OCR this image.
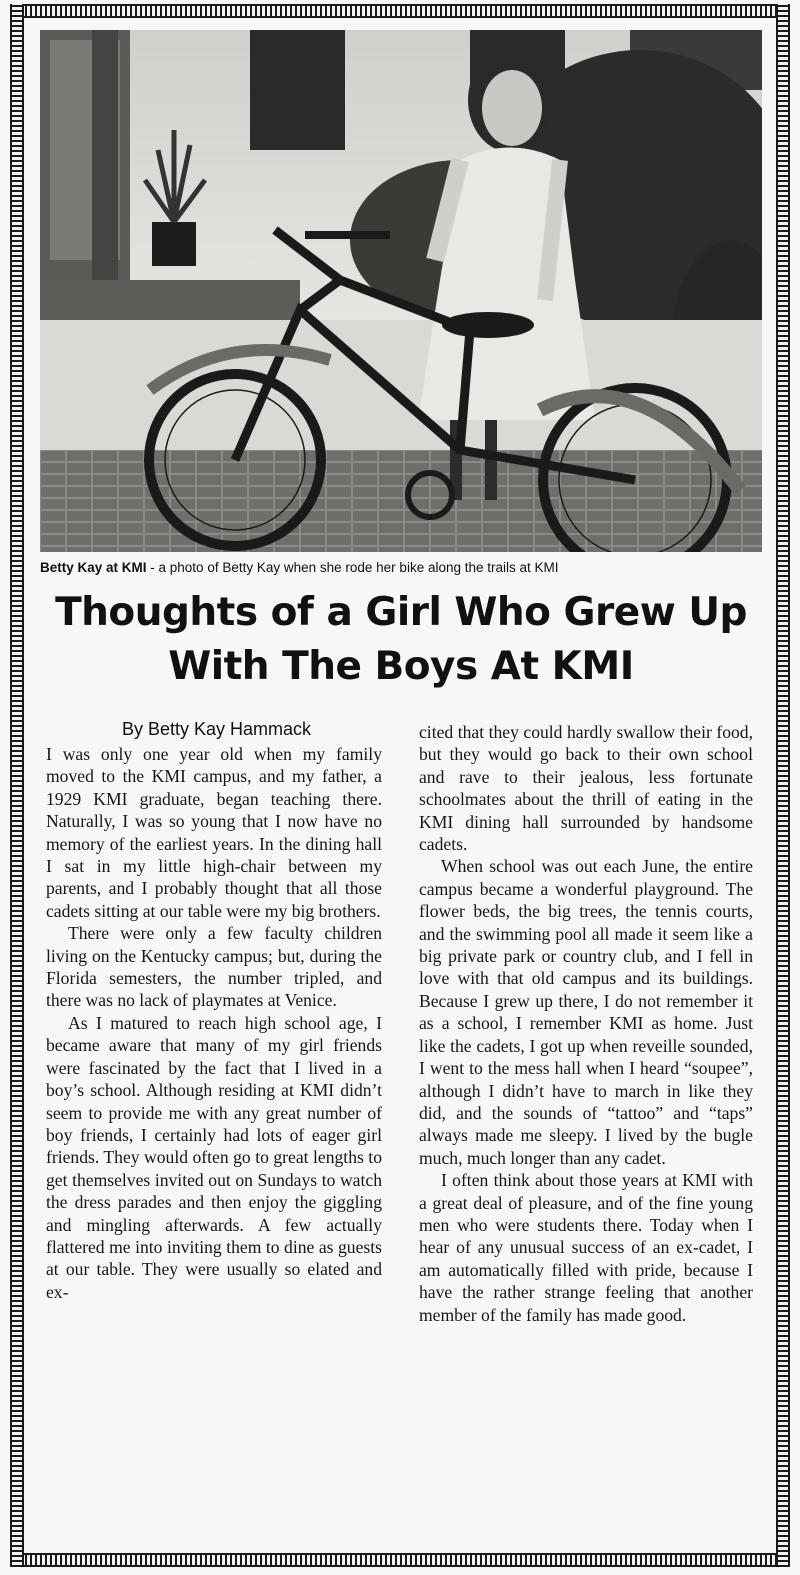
Betty Kay at KMI - a photo of Betty Kay when she rode her bike along the trails at KMI
Thoughts of a Girl Who Grew Up
With The Boys At KMI
By Betty Kay Hammack

I was only one year old when my family moved to the KMI campus, and my father, a 1929 KMI graduate, began teaching there. Naturally, I was so young that I now have no memory of the earliest years. In the dining hall I sat in my little high-chair between my parents, and I probably thought that all those cadets sitting at our table were my big brothers.

There were only a few faculty children living on the Kentucky campus; but, during the Florida semesters, the number tripled, and there was no lack of playmates at Venice.

As I matured to reach high school age, I became aware that many of my girl friends were fascinated by the fact that I lived in a boy’s school. Although residing at KMI didn’t seem to provide me with any great number of boy friends, I certainly had lots of eager girl friends. They would often go to great lengths to get themselves invited out on Sundays to watch the dress parades and then enjoy the giggling and mingling afterwards. A few actually flattered me into inviting them to dine as guests at our table. They were usually so elated and ex-

cited that they could hardly swallow their food, but they would go back to their own school and rave to their jealous, less fortunate schoolmates about the thrill of eating in the KMI dining hall surrounded by handsome cadets.

When school was out each June, the entire campus became a wonderful playground. The flower beds, the big trees, the tennis courts, and the swimming pool all made it seem like a big private park or country club, and I fell in love with that old campus and its buildings. Because I grew up there, I do not remember it as a school, I remember KMI as home. Just like the cadets, I got up when reveille sounded, I went to the mess hall when I heard “soupee”, although I didn’t have to march in like they did, and the sounds of “tattoo” and “taps” always made me sleepy. I lived by the bugle much, much longer than any cadet.

I often think about those years at KMI with a great deal of pleasure, and of the fine young men who were students there. Today when I hear of any unusual success of an ex-cadet, I am automatically filled with pride, because I have the rather strange feeling that another member of the family has made good.
